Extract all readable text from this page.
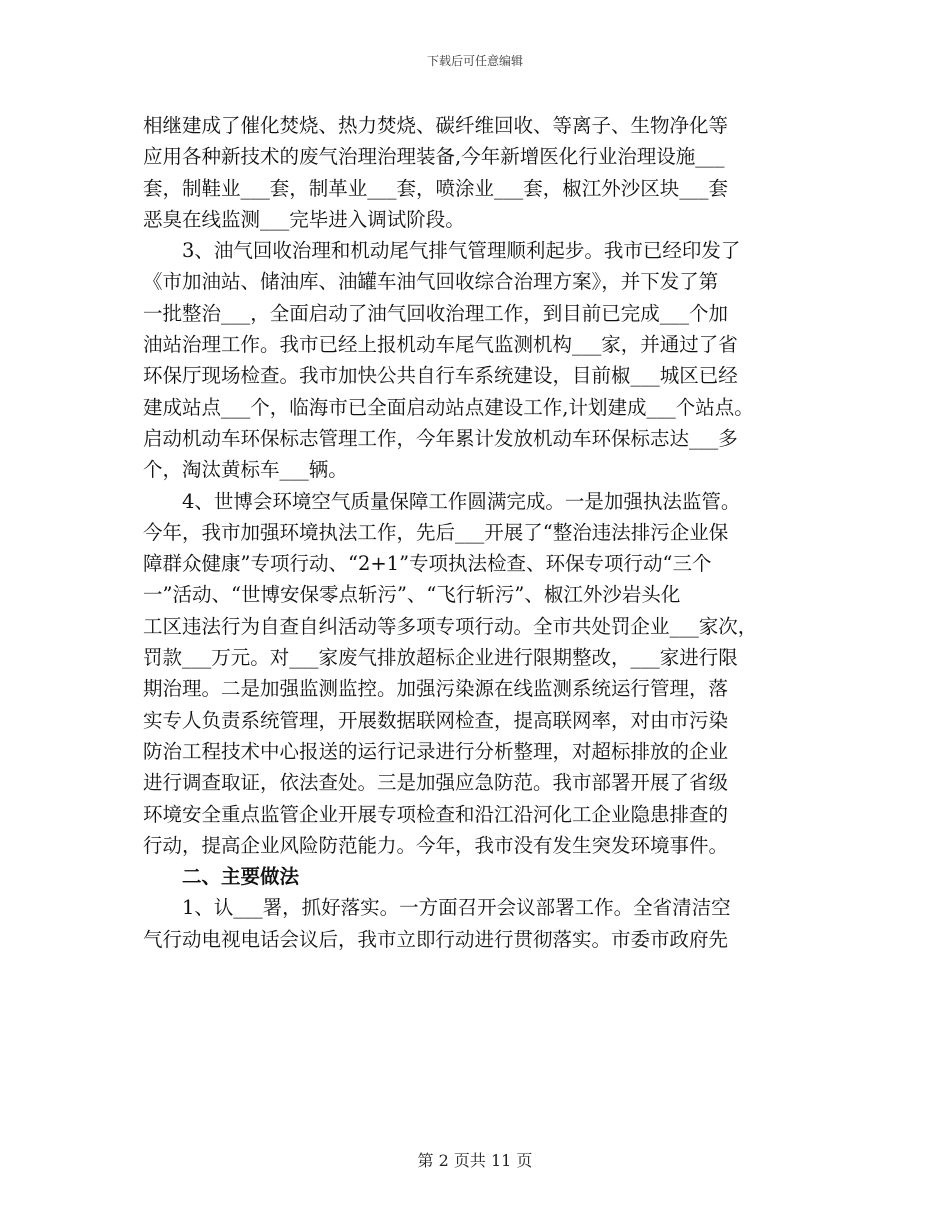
下载后可任意编辑
相继建成了催化焚烧、热力焚烧、碳纤维回收、等离子、生物净化等
应用各种新技术的废气治理治理装备,今年新增医化行业治理设施___
套，制鞋业___套，制革业___套，喷涂业___套，椒江外沙区块___套
恶臭在线监测___完毕进入调试阶段。
3、油气回收治理和机动尾气排气管理顺利起步。我市已经印发了
《市加油站、储油库、油罐车油气回收综合治理方案》，并下发了第
一批整治___，全面启动了油气回收治理工作，到目前已完成___个加
油站治理工作。我市已经上报机动车尾气监测机构___家，并通过了省
环保厅现场检查。我市加快公共自行车系统建设，目前椒___城区已经
建成站点___个，临海市已全面启动站点建设工作,计划建成___个站点。
启动机动车环保标志管理工作，今年累计发放机动车环保标志达___多
个，淘汰黄标车___辆。
4、世博会环境空气质量保障工作圆满完成。一是加强执法监管。
今年，我市加强环境执法工作，先后___开展了“整治违法排污企业保
障群众健康”专项行动、“2+1”专项执法检查、环保专项行动“三个
一”活动、“世博安保零点斩污”、“飞行斩污”、椒江外沙岩头化
工区违法行为自查自纠活动等多项专项行动。全市共处罚企业___家次，
罚款___万元。对___家废气排放超标企业进行限期整改，___家进行限
期治理。二是加强监测监控。加强污染源在线监测系统运行管理，落
实专人负责系统管理，开展数据联网检查，提高联网率，对由市污染
防治工程技术中心报送的运行记录进行分析整理，对超标排放的企业
进行调查取证，依法查处。三是加强应急防范。我市部署开展了省级
环境安全重点监管企业开展专项检查和沿江沿河化工企业隐患排查的
行动，提高企业风险防范能力。今年，我市没有发生突发环境事件。
二、主要做法
1、认___署，抓好落实。一方面召开会议部署工作。全省清洁空
气行动电视电话会议后，我市立即行动进行贯彻落实。市委市政府先
第 2 页共 11 页
